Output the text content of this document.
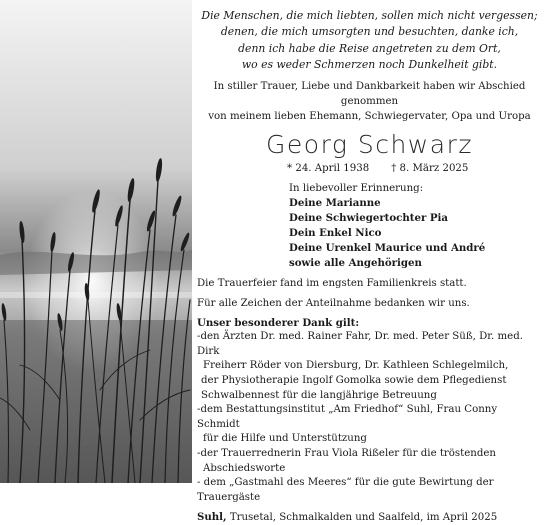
Die Menschen, die mich liebten, sollen mich nicht vergessen;
denen, die mich umsorgten und besuchten, danke ich,
denn ich habe die Reise angetreten zu dem Ort,
wo es weder Schmerzen noch Dunkelheit gibt.
In stiller Trauer, Liebe und Dankbarkeit haben wir Abschied genommen
von meinem lieben Ehemann, Schwiegervater, Opa und Uropa
Georg Schwarz
* 24. April 1938 † 8. März 2025
In liebevoller Erinnerung:
Deine Marianne
Deine Schwiegertochter Pia
Dein Enkel Nico
Deine Urenkel Maurice und André
sowie alle Angehörigen
Die Trauerfeier fand im engsten Familienkreis statt.
Für alle Zeichen der Anteilnahme bedanken wir uns.
Unser besonderer Dank gilt:
-den Ärzten Dr. med. Rainer Fahr, Dr. med. Peter Süß, Dr. med. Dirk
Freiherr Röder von Diersburg, Dr. Kathleen Schlegelmilch,
der Physiotherapie Ingolf Gomolka sowie dem Pflegedienst
Schwalbennest für die langjährige Betreuung
-dem Bestattungsinstitut „Am Friedhof“ Suhl, Frau Conny Schmidt
für die Hilfe und Unterstützung
-der Trauerrednerin Frau Viola Rißeler für die tröstenden
Abschiedsworte
- dem „Gastmahl des Meeres“ für die gute Bewirtung der Trauergäste
Suhl, Trusetal, Schmalkalden und Saalfeld, im April 2025
